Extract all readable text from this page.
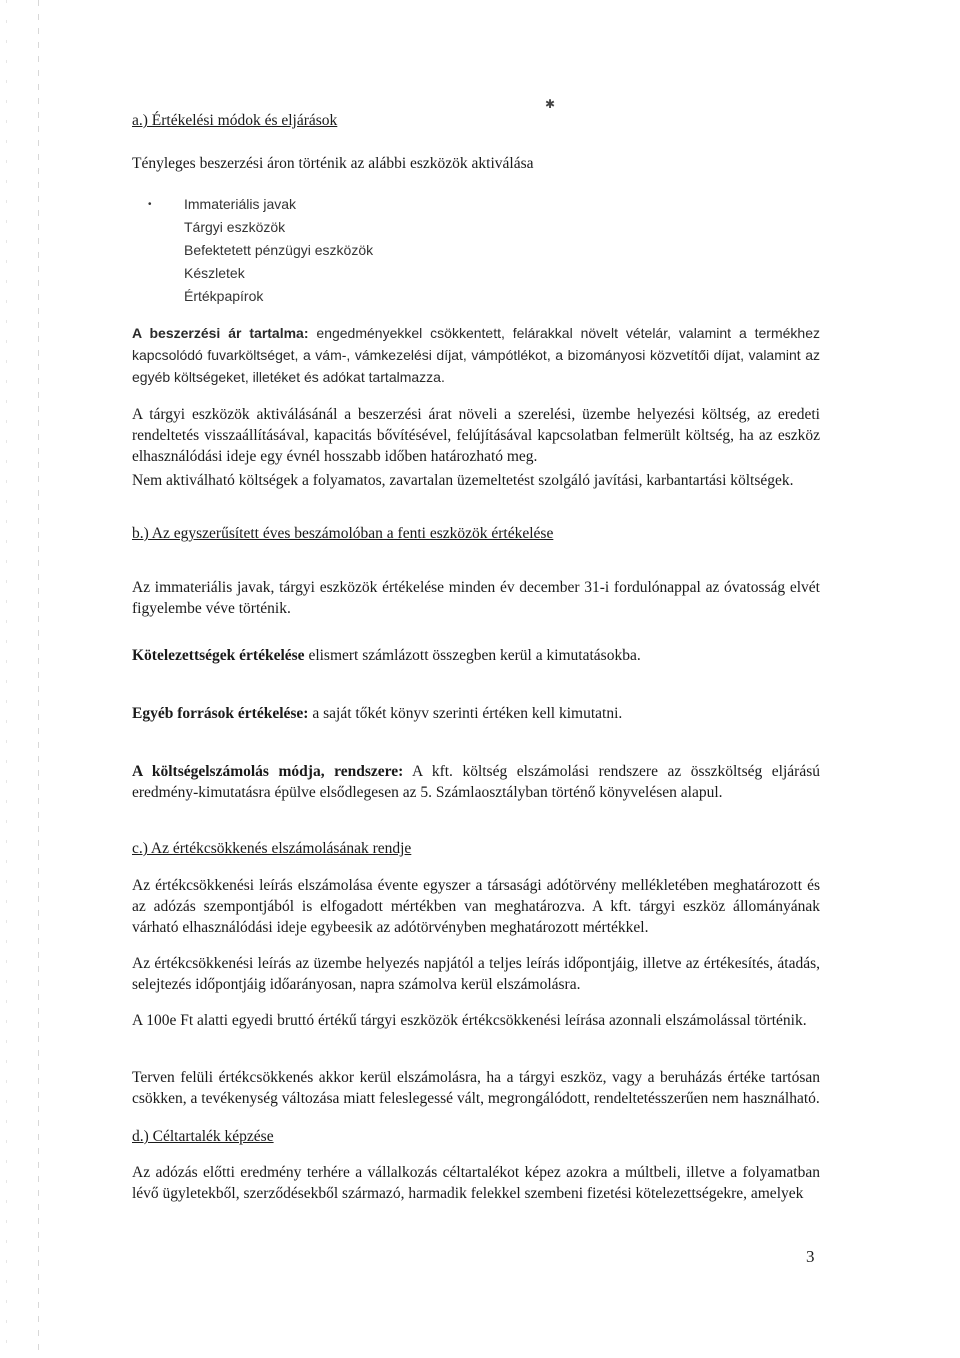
✱
a.) Értékelési módok és eljárások
Tényleges beszerzési áron történik az alábbi eszközök aktiválása
• Immateriális javak
Tárgyi eszközök
Befektetett pénzügyi eszközök
Készletek
Értékpapírok

A beszerzési ár tartalma: engedményekkel csökkentett, felárakkal növelt vételár, valamint a termékhez kapcsolódó fuvarköltséget, a vám-, vámkezelési díjat, vámpótlékot, a bizományosi közvetítői díjat, valamint az egyéb költségeket, illetéket és adókat tartalmazza.

A tárgyi eszközök aktiválásánál a beszerzési árat növeli a szerelési, üzembe helyezési költség, az eredeti rendeltetés visszaállításával, kapacitás bővítésével, felújításával kapcsolatban felmerült költség, ha az eszköz elhasználódási ideje egy évnél hosszabb időben határozható meg.

Nem aktiválható költségek a folyamatos, zavartalan üzemeltetést szolgáló javítási, karbantartási költségek.

b.) Az egyszerűsített éves beszámolóban a fenti eszközök értékelése

Az immateriális javak, tárgyi eszközök értékelése minden év december 31-i fordulónappal az óvatosság elvét figyelembe véve történik.

Kötelezettségek értékelése elismert számlázott összegben kerül a kimutatásokba.

Egyéb források értékelése: a saját tőkét könyv szerinti értéken kell kimutatni.

A költségelszámolás módja, rendszere: A kft. költség elszámolási rendszere az összköltség eljárású eredmény-kimutatásra épülve elsődlegesen az 5. Számlaosztályban történő könyvelésen alapul.

c.) Az értékcsökkenés elszámolásának rendje

Az értékcsökkenési leírás elszámolása évente egyszer a társasági adótörvény mellékletében meghatározott és az adózás szempontjából is elfogadott mértékben van meghatározva. A kft. tárgyi eszköz állományának várható elhasználódási ideje egybeesik az adótörvényben meghatározott mértékkel.

Az értékcsökkenési leírás az üzembe helyezés napjától a teljes leírás időpontjáig, illetve az értékesítés, átadás, selejtezés időpontjáig időarányosan, napra számolva kerül elszámolásra.

A 100e Ft alatti egyedi bruttó értékű tárgyi eszközök értékcsökkenési leírása azonnali elszámolással történik.

Terven felüli értékcsökkenés akkor kerül elszámolásra, ha a tárgyi eszköz, vagy a beruházás értéke tartósan csökken, a tevékenység változása miatt feleslegessé vált, megrongálódott, rendeltetésszerűen nem használható.

d.) Céltartalék képzése

Az adózás előtti eredmény terhére a vállalkozás céltartalékot képez azokra a múltbeli, illetve a folyamatban lévő ügyletekből, szerződésekből származó, harmadik felekkel szembeni fizetési kötelezettségekre, amelyek

3
